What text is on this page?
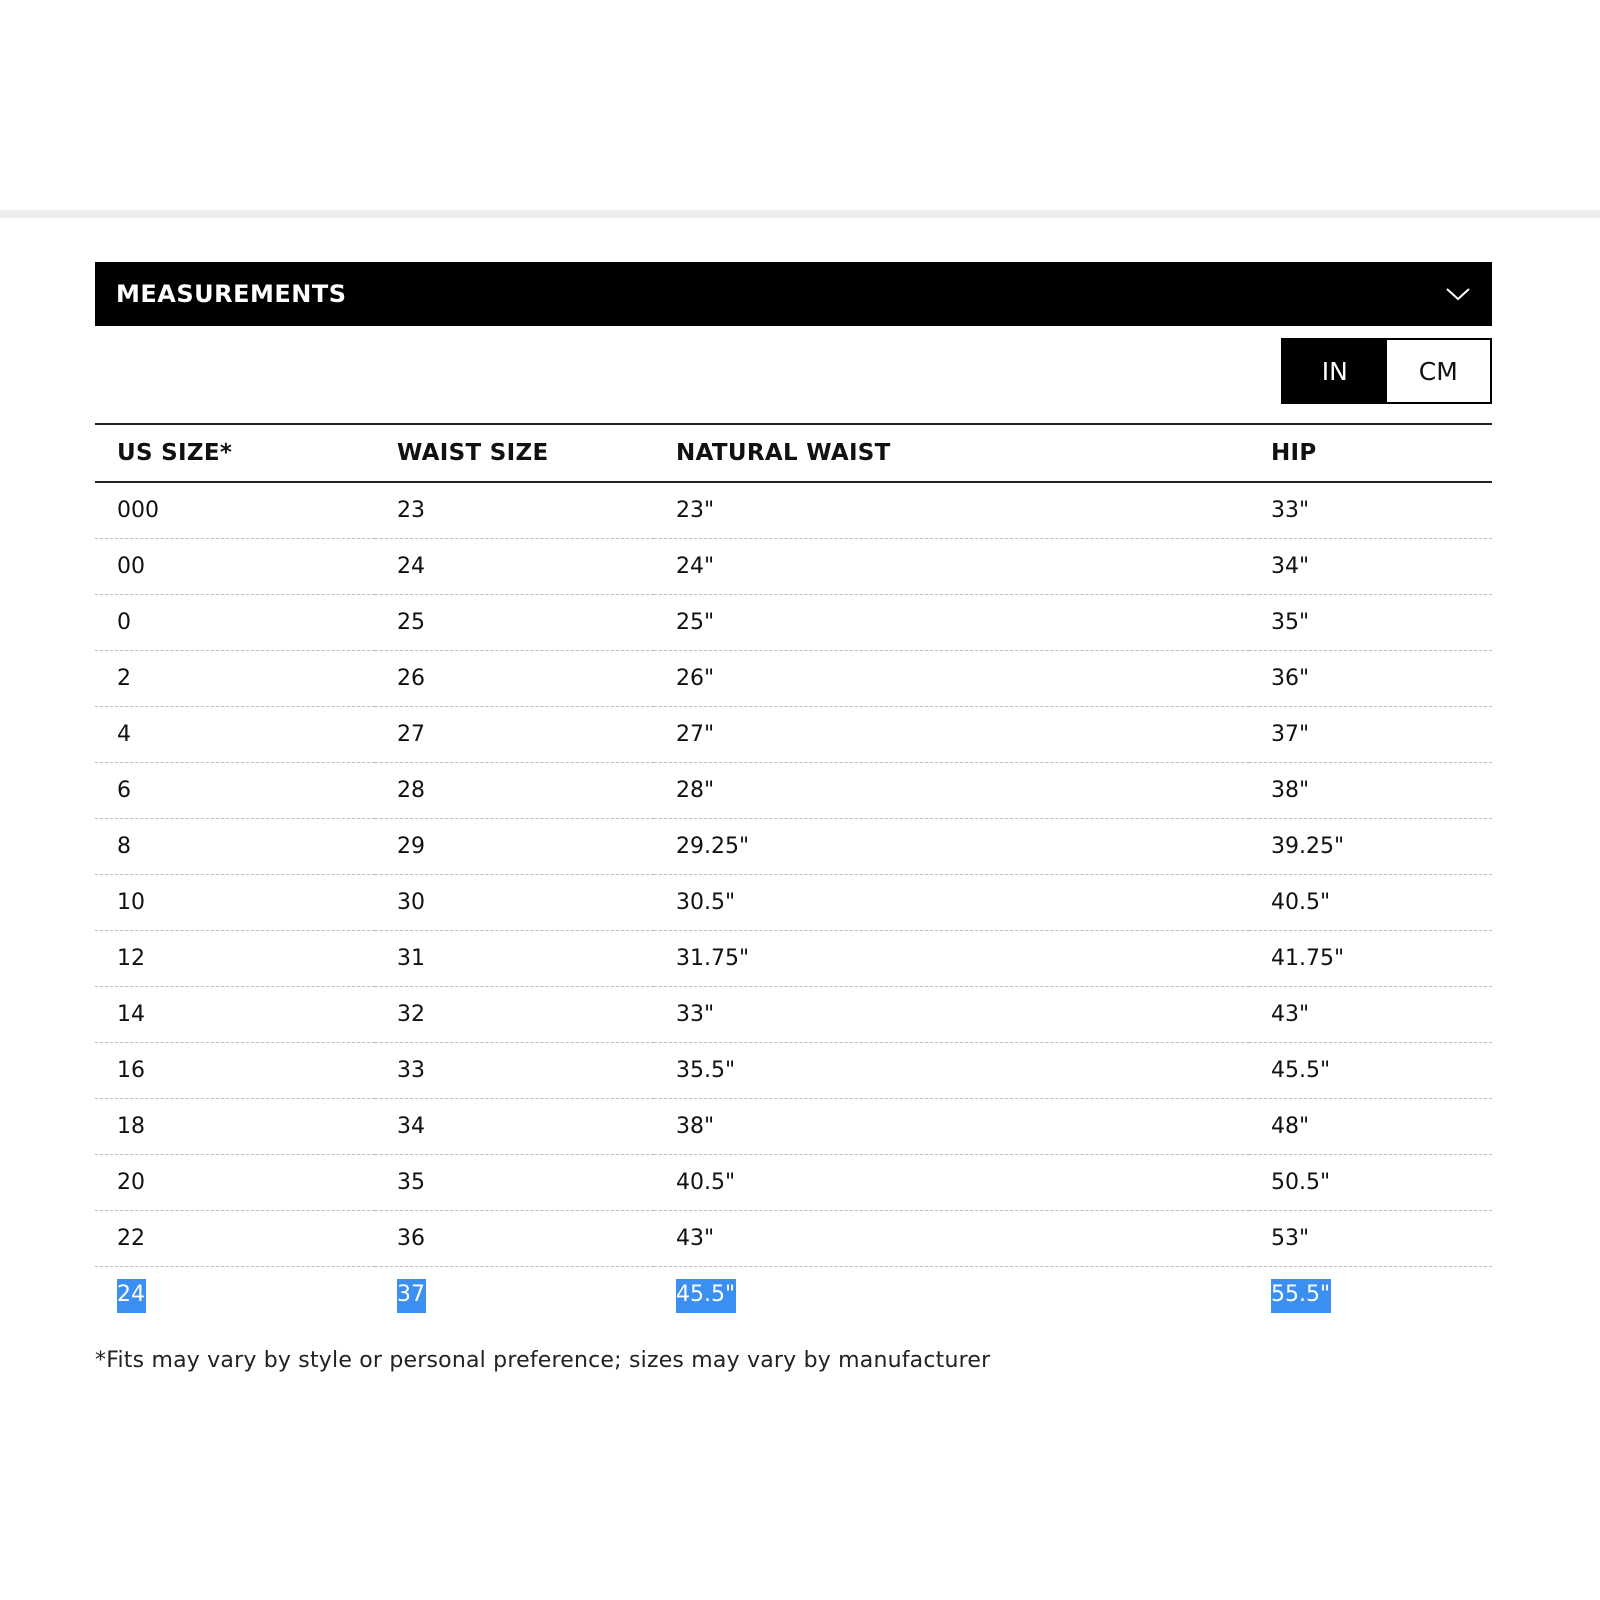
MEASUREMENTS
IN	CM
US SIZE*	WAIST SIZE	NATURAL WAIST	HIP
000	23	23"	33"
00	24	24"	34"
0	25	25"	35"
2	26	26"	36"
4	27	27"	37"
6	28	28"	38"
8	29	29.25"	39.25"
10	30	30.5"	40.5"
12	31	31.75"	41.75"
14	32	33"	43"
16	33	35.5"	45.5"
18	34	38"	48"
20	35	40.5"	50.5"
22	36	43"	53"
24	37	45.5"	55.5"
*Fits may vary by style or personal preference; sizes may vary by manufacturer
